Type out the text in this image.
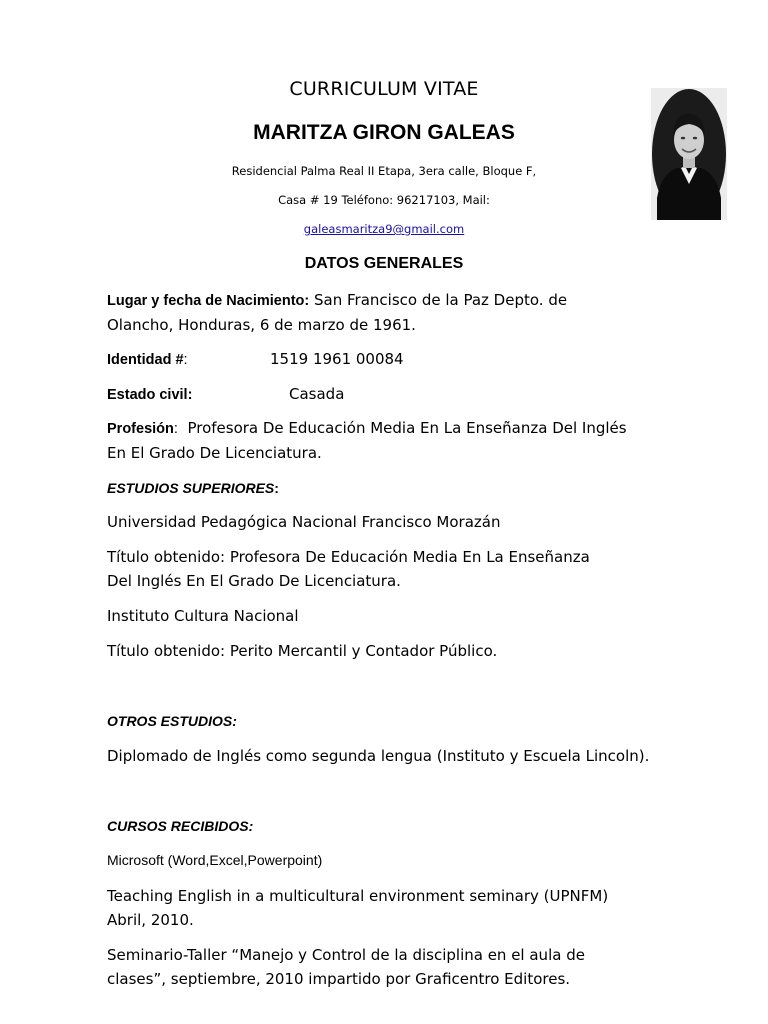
CURRICULUM VITAE
MARITZA GIRON GALEAS
Residencial Palma Real II Etapa, 3era calle, Bloque F,
Casa # 19 Teléfono: 96217103, Mail:
galeasmaritza9@gmail.com
DATOS GENERALES
Lugar y fecha de Nacimiento: San Francisco de la Paz Depto. de
Olancho, Honduras, 6 de marzo de 1961.
Identidad #:	1519 1961 00084
Estado civil:	Casada
Profesión: Profesora De Educación Media En La Enseñanza Del Inglés
En El Grado De Licenciatura.
ESTUDIOS SUPERIORES:
Universidad Pedagógica Nacional Francisco Morazán
Título obtenido: Profesora De Educación Media En La Enseñanza
Del Inglés En El Grado De Licenciatura.
Instituto Cultura Nacional
Título obtenido: Perito Mercantil y Contador Público.
OTROS ESTUDIOS:
Diplomado de Inglés como segunda lengua (Instituto y Escuela Lincoln).
CURSOS RECIBIDOS:
Microsoft (Word,Excel,Powerpoint)
Teaching English in a multicultural environment seminary (UPNFM)
Abril, 2010.
Seminario-Taller “Manejo y Control de la disciplina en el aula de
clases”, septiembre, 2010 impartido por Graficentro Editores.
